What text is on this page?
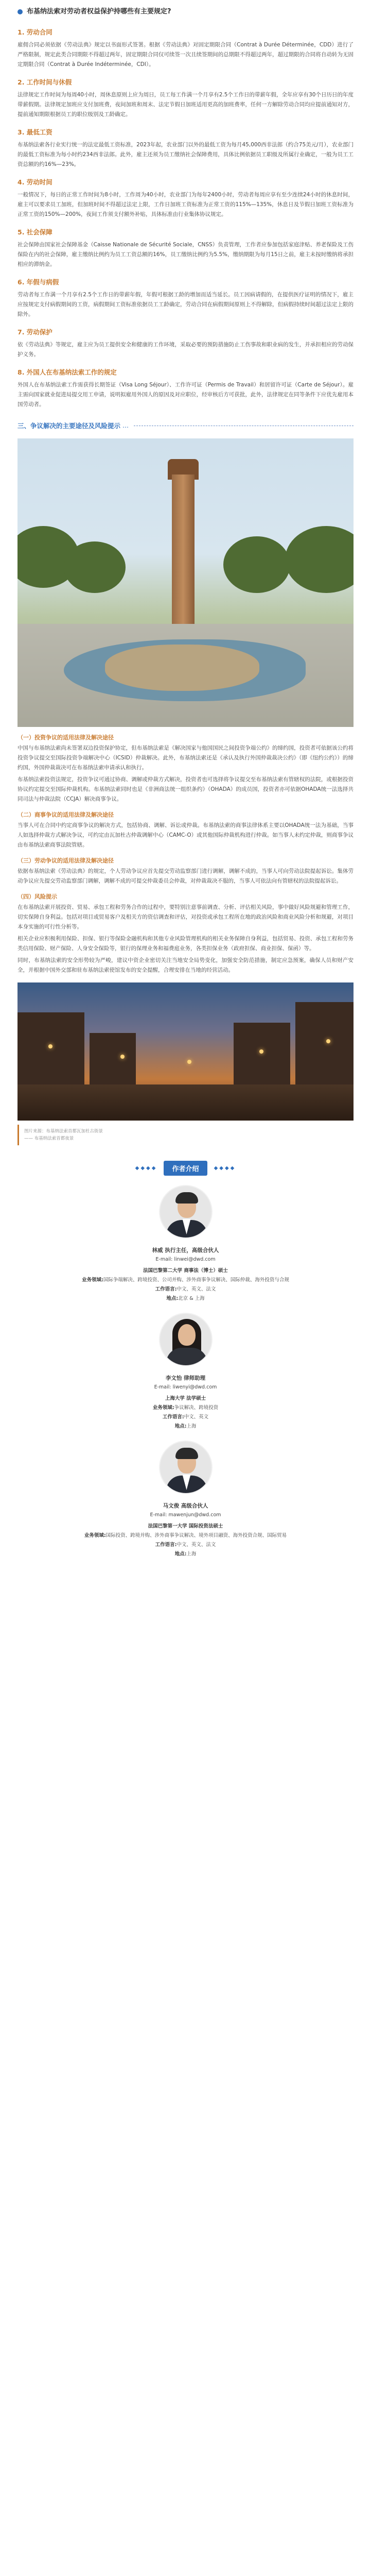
布基纳法索对劳动者权益保护持哪些有主要规定?
1. 劳动合同

雇佣合同必须依据《劳动法典》规定以书面形式签署。根据《劳动法典》对固定期限合同（Contrat à Durée Déterminée，CDD）进行了严格限制，规定此类合同期限不得超过两年，固定期限合同仅可续签一次且续签期间的总期限不得超过两年，超过期限的合同将自动转为无固定期限合同（Contrat à Durée Indéterminée，CDI）。

2. 工作时间与休假

法律规定工作时间为每周40小时，周休息原则上应为周日，员工每工作满一个月享有2.5个工作日的带薪年假，全年应享有30个日历日的年度带薪假期。法律规定加班应支付加班费，夜间加班和周末、法定节假日加班适用更高的加班费率，任何一方解除劳动合同均应提前通知对方，提前通知期限根据员工的职位级别及工龄确定。

3. 最低工资

布基纳法索各行业实行统一的法定最低工资标准，2023年起，农业部门以外的最低工资为每月45,000西非法郎（约合75美元/月），农业部门的最低工资标准为每小时约234西非法郎。此外，雇主还须为员工缴纳社会保障费用，具体比例依据员工职级及所属行业确定，一般为员工工资总额的约16%—23%。

4. 劳动时间

一般情况下，每日的正常工作时间为8小时，工作周为40小时，农业部门为每年2400小时，劳动者每周应享有至少连续24小时的休息时间，雇主可以要求员工加班，但加班时间不得超过法定上限，工作日加班工资标准为正常工资的115%—135%，休息日及节假日加班工资标准为正常工资的150%—200%，夜间工作须支付额外补贴，具体标准由行业集体协议规定。

5. 社会保障

社会保障由国家社会保障基金（Caisse Nationale de Sécurité Sociale，CNSS）负责管理，工作者应参加包括家庭津贴、养老保险及工伤保险在内的社会保障，雇主缴纳比例约为员工工资总额的16%，员工缴纳比例约为5.5%，缴纳期限为每月15日之前，雇主未按时缴纳将承担相应的滞纳金。

6. 年假与病假

劳动者每工作满一个月享有2.5个工作日的带薪年假，年假可根据工龄的增加而适当延长。员工因病请假的，在提供医疗证明的情况下，雇主应按规定支付病假期间的工资，病假期间工资标准依据员工工龄确定，劳动合同在病假期间原则上不得解除，但病假持续时间超过法定上限的除外。

7. 劳动保护

依《劳动法典》等规定，雇主应为员工提供安全和健康的工作环境，采取必要的预防措施防止工伤事故和职业病的发生，并承担相应的劳动保护义务。

8. 外国人在布基纳法索工作的规定

外国人在布基纳法索工作需获得长期签证（Visa Long Séjour）、工作许可证（Permis de Travail）和居留许可证（Carte de Séjour）。雇主需向国家就业促进局提交用工申请，说明拟雇用外国人的原因及对应职位，经审核后方可获批，此外，法律规定在同等条件下应优先雇用本国劳动者。

三、争议解决的主要途径及风险提示 …
（一）投资争议的适用法律及解决途径

中国与布基纳法索尚未签署双边投资保护协定，但布基纳法索是《解决国家与他国国民之间投资争端公约》的缔约国，投资者可依据该公约将投资争议提交至国际投资争端解决中心（ICSID）仲裁解决。此外，布基纳法索还是《承认及执行外国仲裁裁决公约》（即《纽约公约》）的缔约国，外国仲裁裁决可在布基纳法索申请承认和执行。

布基纳法索投资法规定，投资争议可通过协商、调解或仲裁方式解决，投资者也可选择将争议提交至布基纳法索有管辖权的法院，或根据投资协议约定提交至国际仲裁机构。布基纳法索同时也是《非洲商法统一组织条约》（OHADA）的成员国，投资者亦可依据OHADA统一法选择共同司法与仲裁法院（CCJA）解决商事争议。

（二）商事争议的适用法律及解决途径

当事人可在合同中约定商事争议的解决方式，包括协商、调解、诉讼或仲裁。布基纳法索的商事法律体系主要以OHADA统一法为基础，当事人如选择仲裁方式解决争议，可约定由瓦加杜古仲裁调解中心（CAMC-O）或其他国际仲裁机构进行仲裁。如当事人未约定仲裁，则商事争议由布基纳法索商事法院管辖。

（三）劳动争议的适用法律及解决途径

依据布基纳法索《劳动法典》的规定，个人劳动争议应首先提交劳动监察部门进行调解，调解不成的，当事人可向劳动法院提起诉讼。集体劳动争议应先提交劳动监察部门调解，调解不成的可提交仲裁委员会仲裁，对仲裁裁决不服的，当事人可依法向有管辖权的法院提起诉讼。

（四）风险提示

在布基纳法索开展投资、贸易、承包工程和劳务合作的过程中，要特别注意事前调查、分析、评估相关风险，事中做好风险规避和管理工作，切实保障自身利益。包括对项目或贸易客户及相关方的资信调查和评估，对投资或承包工程所在地的政治风险和商业风险分析和规避，对项目本身实施的可行性分析等。

相关企业应积极利用保险、担保、银行等保险金融机构和其他专业风险管理机构的相关业务保障自身利益，包括贸易、投资、承包工程和劳务类信用保险、财产保险、人身安全保险等，银行的保理业务和福费庭业务，各类担保业务（政府担保、商业担保、保函）等。

同时，布基纳法索的安全形势较为严峻，建议中资企业密切关注当地安全局势变化，加强安全防范措施，制定应急预案，确保人员和财产安全，并根据中国外交部和驻布基纳法索使馆发布的安全提醒，合理安排在当地的经营活动。

图片来源：布基纳法索首都瓦加杜古街景
—— 布基纳法索首都夜景
◆◆◆◆ 作者介绍	◆◆◆◆
林威 执行主任，高级合伙人
E-mail: linwei@dwd.com
法国巴黎第二大学 商事法（博士）硕士
业务领域:国际争端解决、跨境投资、公司并购、涉外商事争议解决、国际仲裁、海外投资与合规
工作语言:中文、英文、法文
地点:北京 & 上海
李文怡 律师助理
E-mail: liwenyi@dwd.com
上海大学 法学硕士
业务领域:争议解决、跨境投资
工作语言:中文、英文
地点:上海
马文俊 高级合伙人
E-mail: mawenjun@dwd.com
法国巴黎第一大学 国际投资法硕士
业务领域:国际投资、跨境并购、涉外商事争议解决、境外项目融资、海外投资合规、国际贸易
工作语言:中文、英文、法文
地点:上海
